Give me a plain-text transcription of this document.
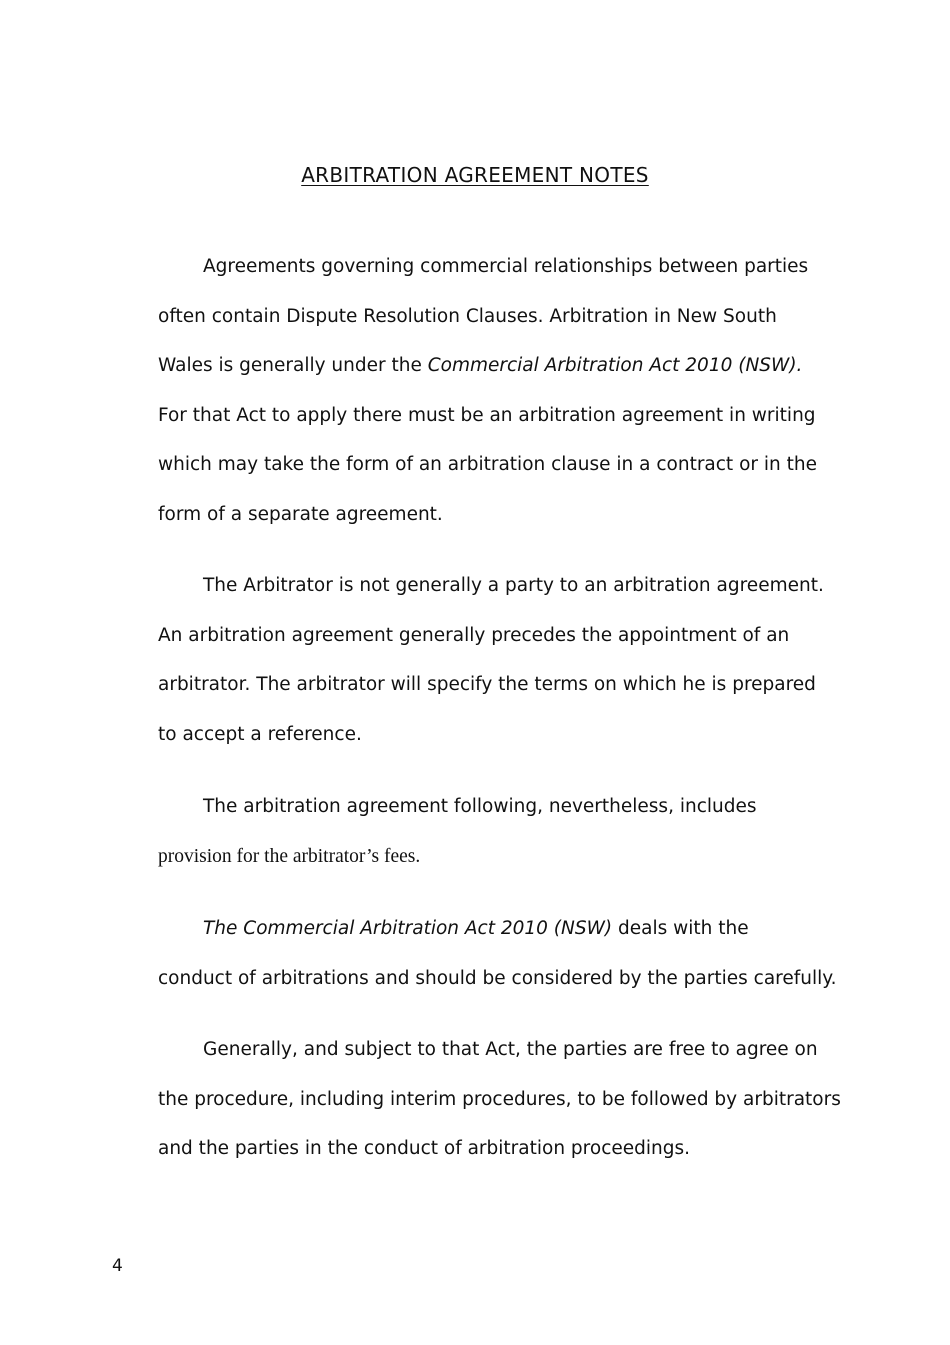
ARBITRATION AGREEMENT NOTES
Agreements governing commercial relationships between parties
often contain Dispute Resolution Clauses. Arbitration in New South
Wales is generally under the Commercial Arbitration Act 2010 (NSW).
For that Act to apply there must be an arbitration agreement in writing
which may take the form of an arbitration clause in a contract or in the
form of a separate agreement.
The Arbitrator is not generally a party to an arbitration agreement.
An arbitration agreement generally precedes the appointment of an
arbitrator. The arbitrator will specify the terms on which he is prepared
to accept a reference.
The arbitration agreement following, nevertheless, includes
provision for the arbitrator’s fees.
The Commercial Arbitration Act 2010 (NSW) deals with the
conduct of arbitrations and should be considered by the parties carefully.
Generally, and subject to that Act, the parties are free to agree on
the procedure, including interim procedures, to be followed by arbitrators
and the parties in the conduct of arbitration proceedings.
4
